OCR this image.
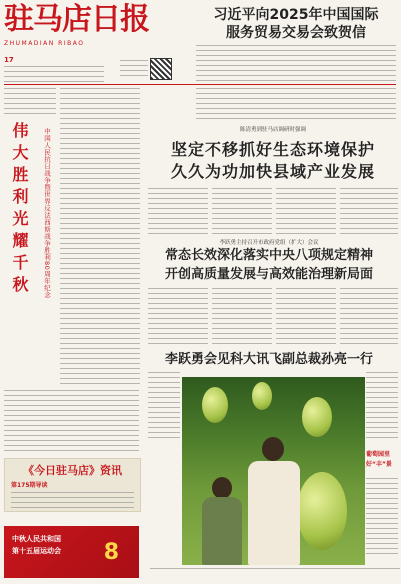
驻马店日报
ZHUMADIAN RIBAO
17
习近平向2025年中国国际
服务贸易交易会致贺信
伟大胜利光耀千秋	中国人民抗日战争暨世界反法西斯战争胜利80周年纪念	陈清勇到驻马店调研时强调
坚定不移抓好生态环境保护
久久为功加快县域产业发展
李跃勇主持召开市政府党组（扩大）会议
常态长效深化落实中央八项规定精神
开创高质量发展与高效能治理新局面
李跃勇会见科大讯飞副总裁孙亮一行
葡萄园里
好“丰”景
《今日驻马店》资讯
第175期导读
中秋人民共和国
第十五届运动会	8
